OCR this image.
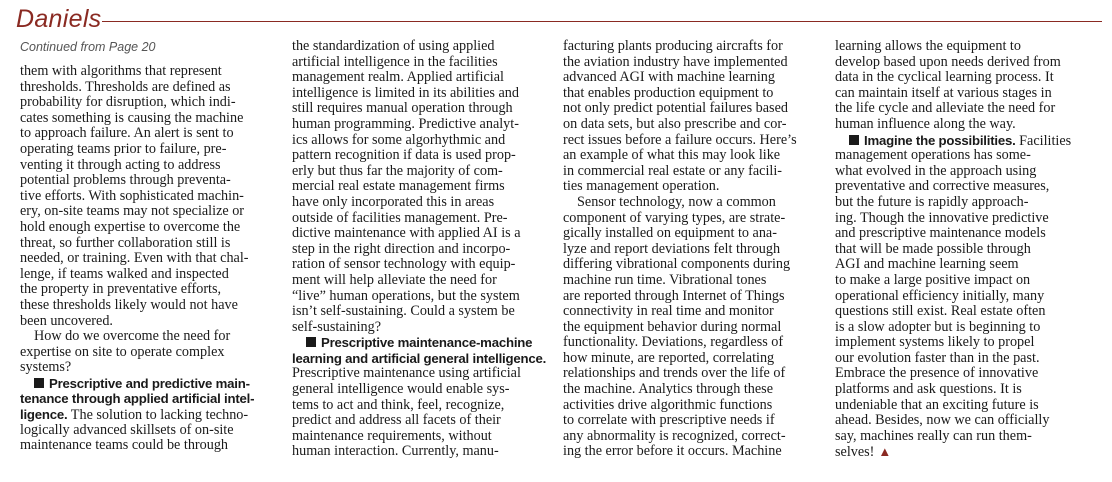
Daniels
Continued from Page 20
them with algorithms that represent
thresholds. Thresholds are defined as
probability for disruption, which indi-
cates something is causing the machine
to approach failure. An alert is sent to
operating teams prior to failure, pre-
venting it through acting to address
potential problems through preventa-
tive efforts. With sophisticated machin-
ery, on-site teams may not specialize or
hold enough expertise to overcome the
threat, so further collaboration still is
needed, or training. Even with that chal-
lenge, if teams walked and inspected
the property in preventative efforts,
these thresholds likely would not have
been uncovered.
How do we overcome the need for
expertise on site to operate complex
systems?
Prescriptive and predictive main-
tenance through applied artificial intel-
ligence. The solution to lacking techno-
logically advanced skillsets of on-site
maintenance teams could be through
the standardization of using applied
artificial intelligence in the facilities
management realm. Applied artificial
intelligence is limited in its abilities and
still requires manual operation through
human programming. Predictive analyt-
ics allows for some algorhythmic and
pattern recognition if data is used prop-
erly but thus far the majority of com-
mercial real estate management firms
have only incorporated this in areas
outside of facilities management. Pre-
dictive maintenance with applied AI is a
step in the right direction and incorpo-
ration of sensor technology with equip-
ment will help alleviate the need for
“live” human operations, but the system
isn’t self-sustaining. Could a system be
self-sustaining?
Prescriptive maintenance-machine
learning and artificial general intelligence.
Prescriptive maintenance using artificial
general intelligence would enable sys-
tems to act and think, feel, recognize,
predict and address all facets of their
maintenance requirements, without
human interaction. Currently, manu-
facturing plants producing aircrafts for
the aviation industry have implemented
advanced AGI with machine learning
that enables production equipment to
not only predict potential failures based
on data sets, but also prescribe and cor-
rect issues before a failure occurs. Here’s
an example of what this may look like
in commercial real estate or any facili-
ties management operation.
Sensor technology, now a common
component of varying types, are strate-
gically installed on equipment to ana-
lyze and report deviations felt through
differing vibrational components during
machine run time. Vibrational tones
are reported through Internet of Things
connectivity in real time and monitor
the equipment behavior during normal
functionality. Deviations, regardless of
how minute, are reported, correlating
relationships and trends over the life of
the machine. Analytics through these
activities drive algorithmic functions
to correlate with prescriptive needs if
any abnormality is recognized, correct-
ing the error before it occurs. Machine
learning allows the equipment to
develop based upon needs derived from
data in the cyclical learning process. It
can maintain itself at various stages in
the life cycle and alleviate the need for
human influence along the way.
Imagine the possibilities. Facilities
management operations has some-
what evolved in the approach using
preventative and corrective measures,
but the future is rapidly approach-
ing. Though the innovative predictive
and prescriptive maintenance models
that will be made possible through
AGI and machine learning seem
to make a large positive impact on
operational efficiency initially, many
questions still exist. Real estate often
is a slow adopter but is beginning to
implement systems likely to propel
our evolution faster than in the past.
Embrace the presence of innovative
platforms and ask questions. It is
undeniable that an exciting future is
ahead. Besides, now we can officially
say, machines really can run them-
selves! ▲
